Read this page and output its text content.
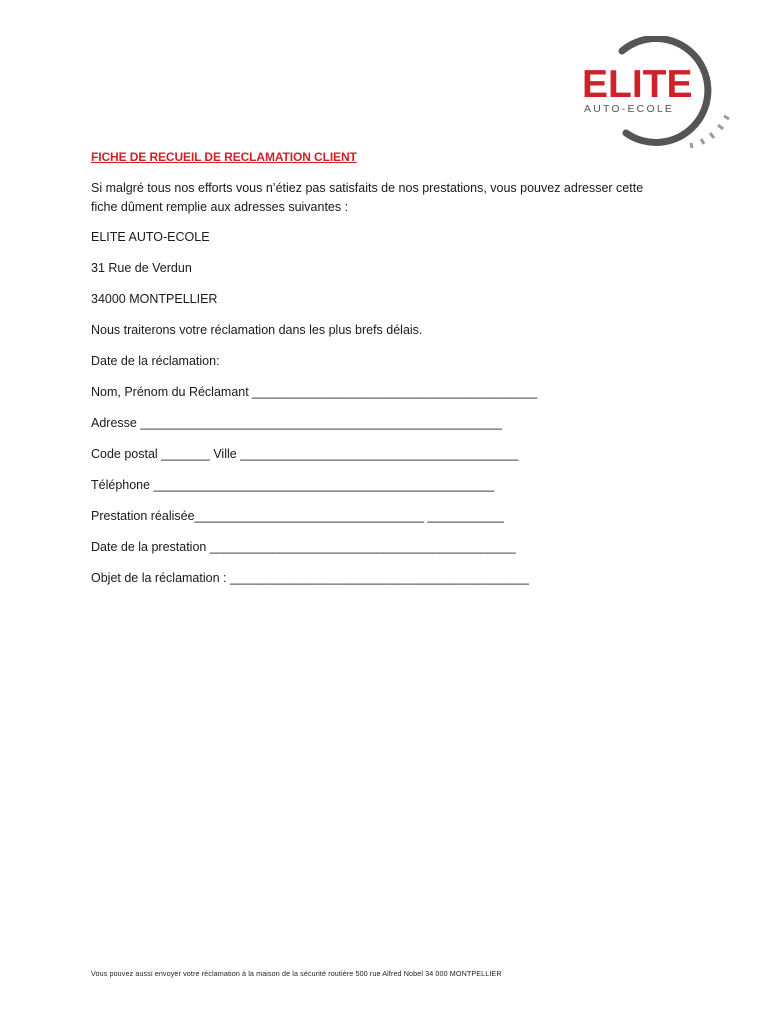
ELITE
AUTO-ECOLE
FICHE DE RECUEIL DE RECLAMATION CLIENT
Si malgré tous nos efforts vous n’étiez pas satisfaits de nos prestations, vous pouvez adresser cette
fiche dûment remplie aux adresses suivantes :
ELITE AUTO-ECOLE
31 Rue de Verdun
34000 MONTPELLIER
Nous traiterons votre réclamation dans les plus brefs délais.
Date de la réclamation:
Nom, Prénom du Réclamant _________________________________________
Adresse ____________________________________________________
Code postal _______ Ville ________________________________________
Téléphone _________________________________________________
Prestation réalisée_________________________________ ___________
Date de la prestation ____________________________________________
Objet de la réclamation : ___________________________________________
Vous pouvez aussi envoyer votre réclamation à la maison de la sécurité routière 500 rue Alfred Nobel 34 000 MONTPELLIER
